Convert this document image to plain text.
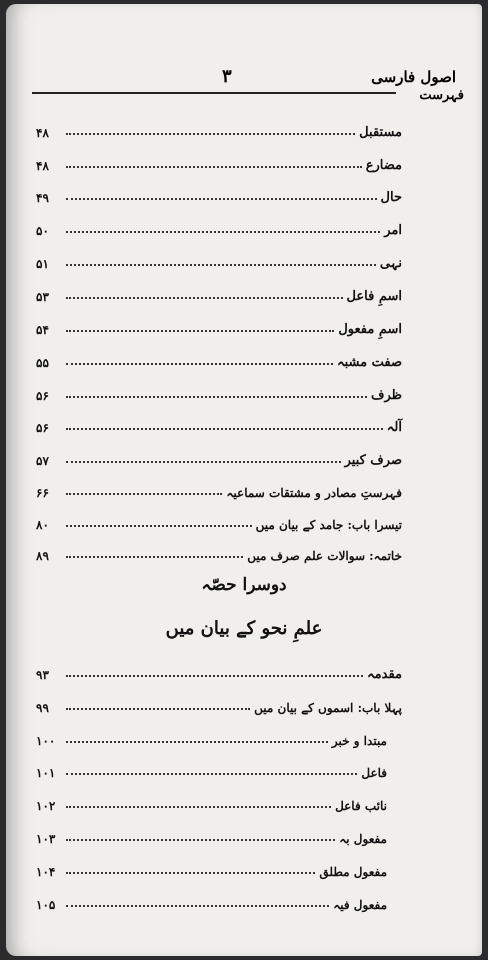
اصول فارسی
۳
فہرست
۴۸	مستقبل
۴۸	مضارع
۴۹	حال
۵۰	امر
۵۱	نہی
۵۳	اسمِ فاعل
۵۴	اسمِ مفعول
۵۵	صفت مشبہ
۵۶	ظرف
۵۶	آلہ
۵۷	صرف کبیر
۶۶	فہرستِ مصادر و مشتقات سماعیہ
۸۰	تیسرا باب: جامد کے بیان میں
۸۹	خاتمہ: سوالات علم صرف میں
دوسرا حصّہ
علمِ نحو کے بیان میں
۹۳	مقدمہ
۹۹	پہلا باب: اسموں کے بیان میں
۱۰۰	مبتدا و خبر
۱۰۱	فاعل
۱۰۲	نائب فاعل
۱۰۳	مفعول بہ
۱۰۴	مفعول مطلق
۱۰۵	مفعول فیہ
